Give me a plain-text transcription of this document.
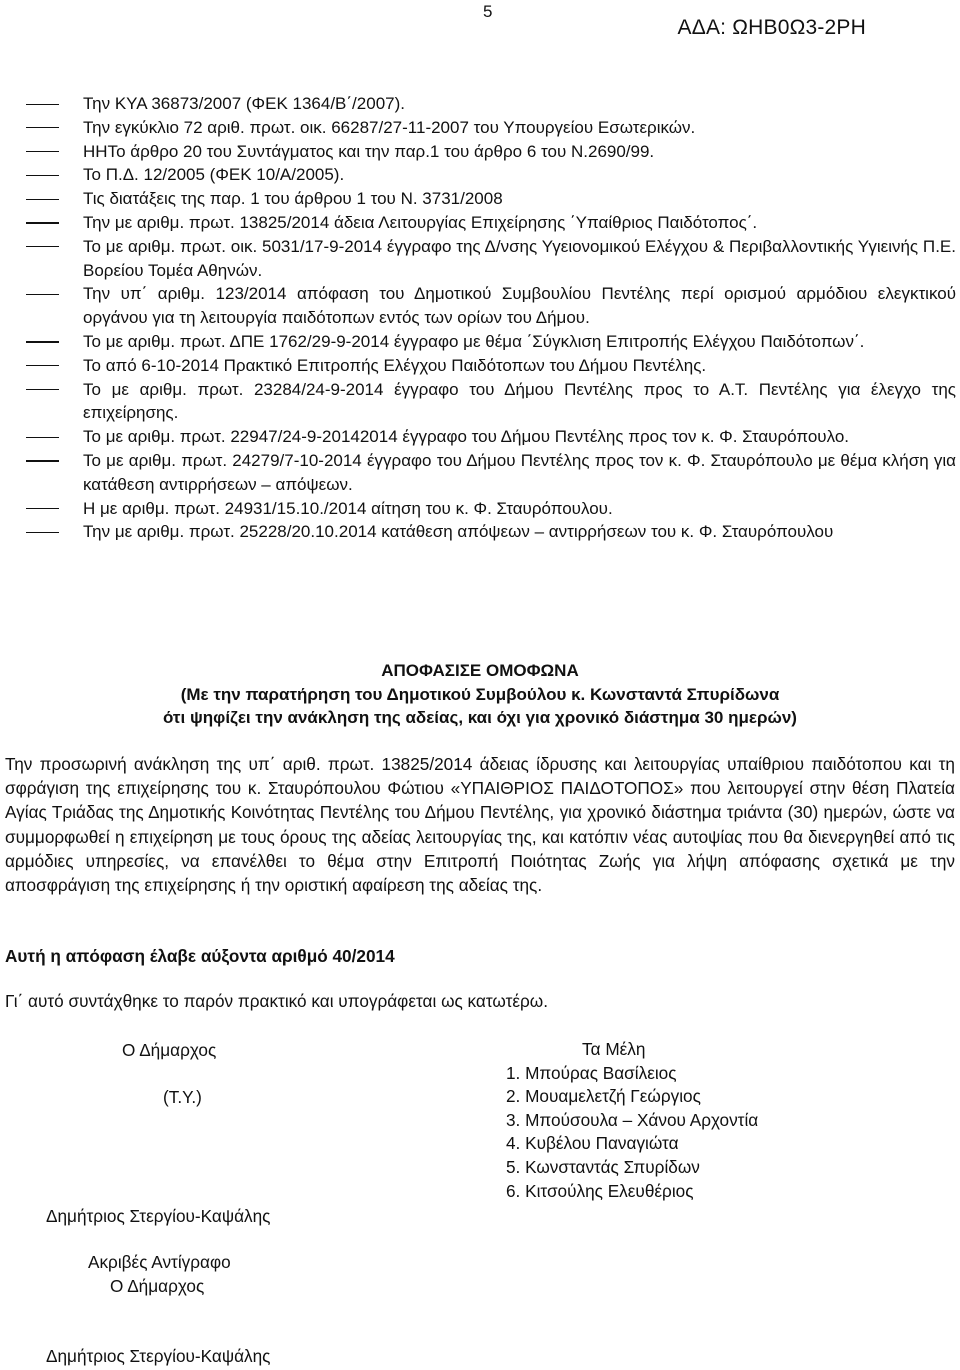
5
ΑΔΑ: ΩΗΒ0Ω3-2ΡΗ
Την ΚΥΑ 36873/2007 (ΦΕΚ 1364/Β΄/2007).
Την εγκύκλιο 72 αριθ. πρωτ. οικ. 66287/27-11-2007 του Υπουργείου Εσωτερικών.
ΗΗΤο άρθρο 20 του Συντάγματος και την παρ.1 του άρθρο 6 του Ν.2690/99.
Το Π.Δ. 12/2005 (ΦΕΚ 10/Α/2005).
Τις διατάξεις της παρ. 1 του άρθρου 1 του Ν. 3731/2008
Την με αριθμ. πρωτ. 13825/2014 άδεια Λειτουργίας Επιχείρησης ΄Υπαίθριος Παιδότοπος΄.
Το με αριθμ. πρωτ. οικ. 5031/17-9-2014 έγγραφο της Δ/νσης Υγειονομικού Ελέγχου & Περιβαλλοντικής Υγιεινής Π.Ε. Βορείου Τομέα Αθηνών.
Την υπ΄ αριθμ. 123/2014 απόφαση του Δημοτικού Συμβουλίου Πεντέλης περί ορισμού αρμόδιου ελεγκτικού οργάνου για τη λειτουργία παιδότοπων εντός των ορίων του Δήμου.
Το με αριθμ. πρωτ. ΔΠΕ 1762/29-9-2014 έγγραφο με θέμα ΄Σύγκλιση Επιτροπής Ελέγχου Παιδότοπων΄.
Το από 6-10-2014 Πρακτικό Επιτροπής Ελέγχου Παιδότοπων του Δήμου Πεντέλης.
Το με αριθμ. πρωτ. 23284/24-9-2014 έγγραφο του Δήμου Πεντέλης προς το Α.Τ. Πεντέλης για έλεγχο της επιχείρησης.
Το με αριθμ. πρωτ. 22947/24-9-20142014 έγγραφο του Δήμου Πεντέλης προς τον κ. Φ. Σταυρόπουλο.
Το με αριθμ. πρωτ. 24279/7-10-2014 έγγραφο του Δήμου Πεντέλης προς τον κ. Φ. Σταυρόπουλο με θέμα κλήση για κατάθεση αντιρρήσεων – απόψεων.
Η με αριθμ. πρωτ. 24931/15.10./2014 αίτηση του κ. Φ. Σταυρόπουλου.
Την με αριθμ. πρωτ. 25228/20.10.2014 κατάθεση απόψεων – αντιρρήσεων του κ. Φ. Σταυρόπουλου
ΑΠΟΦΑΣΙΣΕ ΟΜΟΦΩΝΑ
(Με την παρατήρηση του Δημοτικού Συμβούλου κ. Κωνσταντά Σπυρίδωνα
ότι ψηφίζει την ανάκληση της αδείας, και όχι για χρονικό διάστημα 30 ημερών)
Την προσωρινή ανάκληση της υπ΄ αριθ. πρωτ. 13825/2014 άδειας ίδρυσης και λειτουργίας υπαίθριου παιδότοπου και τη σφράγιση της επιχείρησης του κ. Σταυρόπουλου Φώτιου «ΥΠΑΙΘΡΙΟΣ ΠΑΙΔΟΤΟΠΟΣ» που λειτουργεί στην θέση Πλατεία Αγίας Τριάδας της Δημοτικής Κοινότητας Πεντέλης του Δήμου Πεντέλης, για χρονικό διάστημα τριάντα (30) ημερών, ώστε να συμμορφωθεί η επιχείρηση με τους όρους της αδείας λειτουργίας της, και κατόπιν νέας αυτοψίας που θα διενεργηθεί από τις αρμόδιες υπηρεσίες, να επανέλθει το θέμα στην Επιτροπή Ποιότητας Ζωής για λήψη απόφασης σχετικά με την αποσφράγιση της επιχείρησης ή την οριστική αφαίρεση της αδείας της.
Αυτή η απόφαση έλαβε αύξοντα αριθμό 40/2014
Γι΄ αυτό συντάχθηκε το παρόν πρακτικό και υπογράφεται ως κατωτέρω.
Ο Δήμαρχος
(Τ.Υ.)
Δημήτριος Στεργίου-Καψάλης
Ακριβές Αντίγραφο
Ο Δήμαρχος
Δημήτριος Στεργίου-Καψάλης
Τα Μέλη
1. Μπούρας Βασίλειος
2. Μουαμελετζή Γεώργιος
3. Μπούσουλα – Χάνου Αρχοντία
4. Κυβέλου Παναγιώτα
5. Κωνσταντάς Σπυρίδων
6. Κιτσούλης Ελευθέριος
